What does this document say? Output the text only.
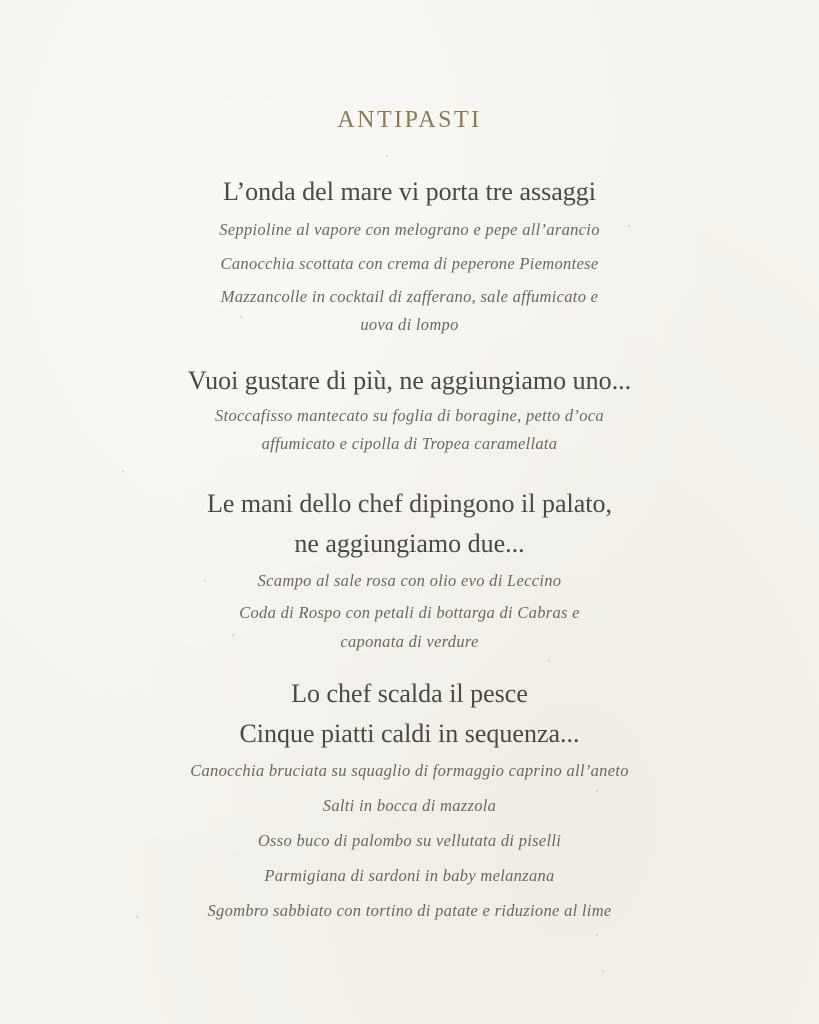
ANTIPASTI

L’onda del mare vi porta tre assaggi

Seppioline al vapore con melograno e pepe all’arancio

Canocchia scottata con crema di peperone Piemontese

Mazzancolle in cocktail di zafferano, sale affumicato e

uova di lompo

Vuoi gustare di più, ne aggiungiamo uno...

Stoccafisso mantecato su foglia di boragine, petto d’oca

affumicato e cipolla di Tropea caramellata

Le mani dello chef dipingono il palato,

ne aggiungiamo due...

Scampo al sale rosa con olio evo di Leccino

Coda di Rospo con petali di bottarga di Cabras e

caponata di verdure

Lo chef scalda il pesce

Cinque piatti caldi in sequenza...

Canocchia bruciata su squaglio di formaggio caprino all’aneto

Salti in bocca di mazzola

Osso buco di palombo su vellutata di piselli

Parmigiana di sardoni in baby melanzana

Sgombro sabbiato con tortino di patate e riduzione al lime
